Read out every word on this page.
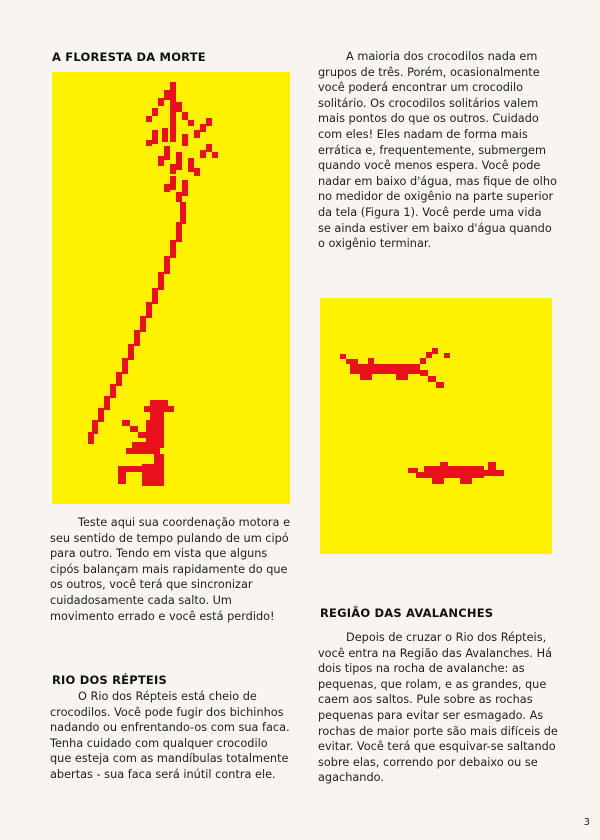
A FLORESTA DA MORTE

Teste aqui sua coordenação motora e seu sentido de tempo pulando de um cipó para outro. Tendo em vista que alguns cipós balançam mais rapidamente do que os outros, você terá que sincronizar cuidadosamente cada salto. Um movimento errado e você está perdido!

RIO DOS RÉPTEIS

O Rio dos Répteis está cheio de crocodilos. Você pode fugir dos bichinhos nadando ou enfrentando-os com sua faca. Tenha cuidado com qualquer crocodilo que esteja com as mandíbulas totalmente abertas - sua faca será inútil contra ele.

A maioria dos crocodilos nada em grupos de três. Porém, ocasionalmente você poderá encontrar um crocodilo solitário. Os crocodilos solitários valem mais pontos do que os outros. Cuidado com eles! Eles nadam de forma mais errática e, frequentemente, submergem quando você menos espera. Você pode nadar em baixo d'água, mas fique de olho no medidor de oxigênio na parte superior da tela (Figura 1). Você perde uma vida se ainda estiver em baixo d'água quando o oxigênio terminar.

REGIÃO DAS AVALANCHES

Depois de cruzar o Rio dos Répteis, você entra na Região das Avalanches. Há dois tipos na rocha de avalanche: as pequenas, que rolam, e as grandes, que caem aos saltos. Pule sobre as rochas pequenas para evitar ser esmagado. As rochas de maior porte são mais difíceis de evitar. Você terá que esquivar-se saltando sobre elas, correndo por debaixo ou se agachando.

3
